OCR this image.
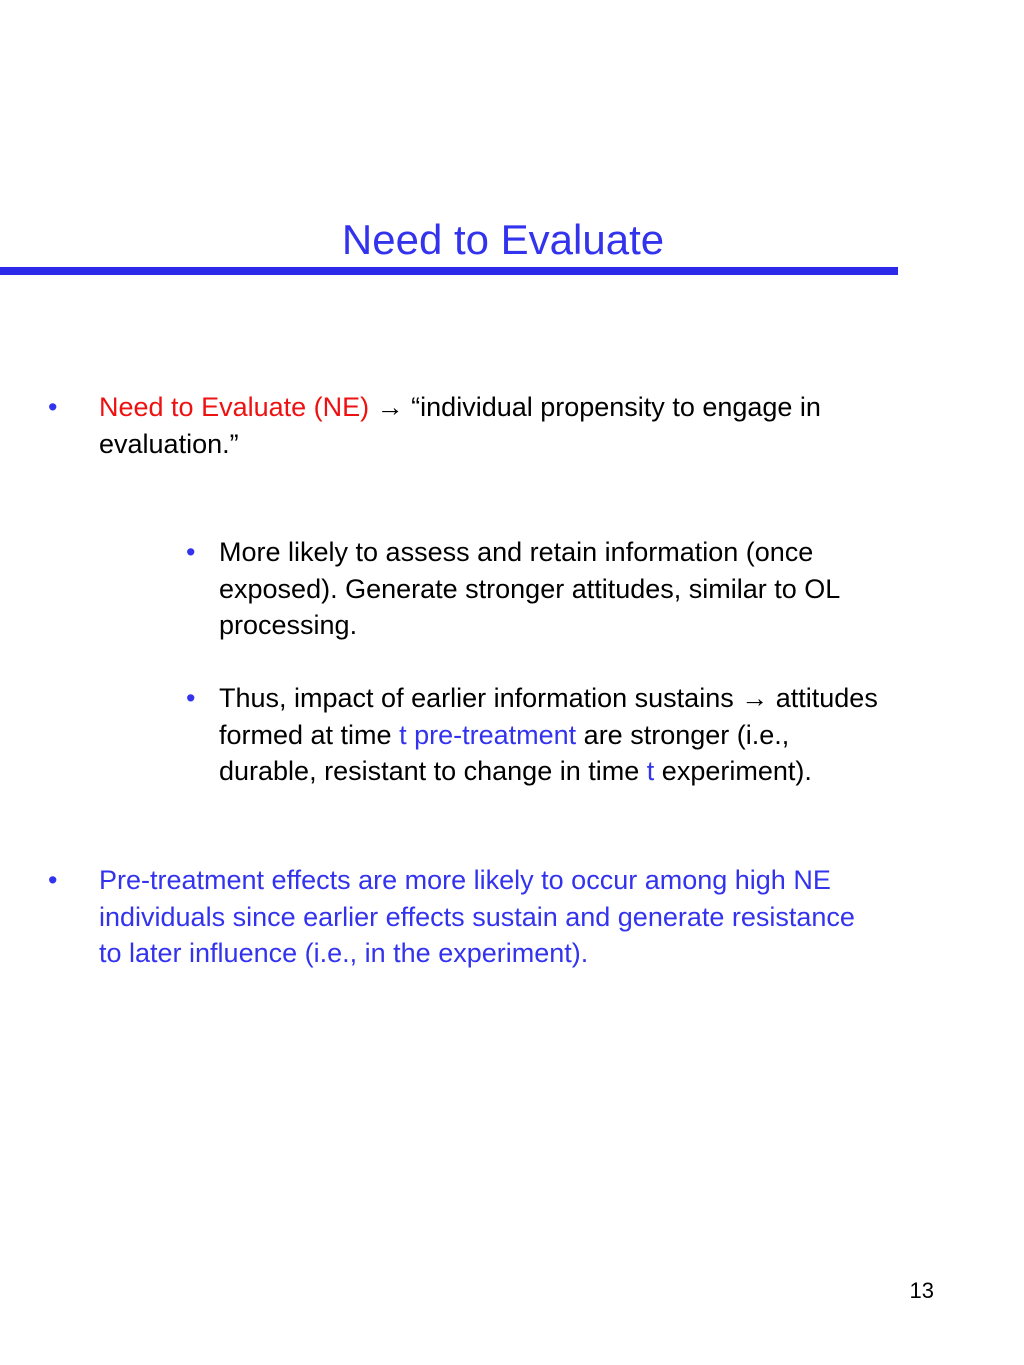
Need to Evaluate
• Need to Evaluate (NE) → “individual propensity to engage in
evaluation.”
• More likely to assess and retain information (once
exposed). Generate stronger attitudes, similar to OL
processing.
• Thus, impact of earlier information sustains → attitudes
formed at time t pre-treatment are stronger (i.e.,
durable, resistant to change in time t experiment).
• Pre-treatment effects are more likely to occur among high NE
individuals since earlier effects sustain and generate resistance
to later influence (i.e., in the experiment).
13
